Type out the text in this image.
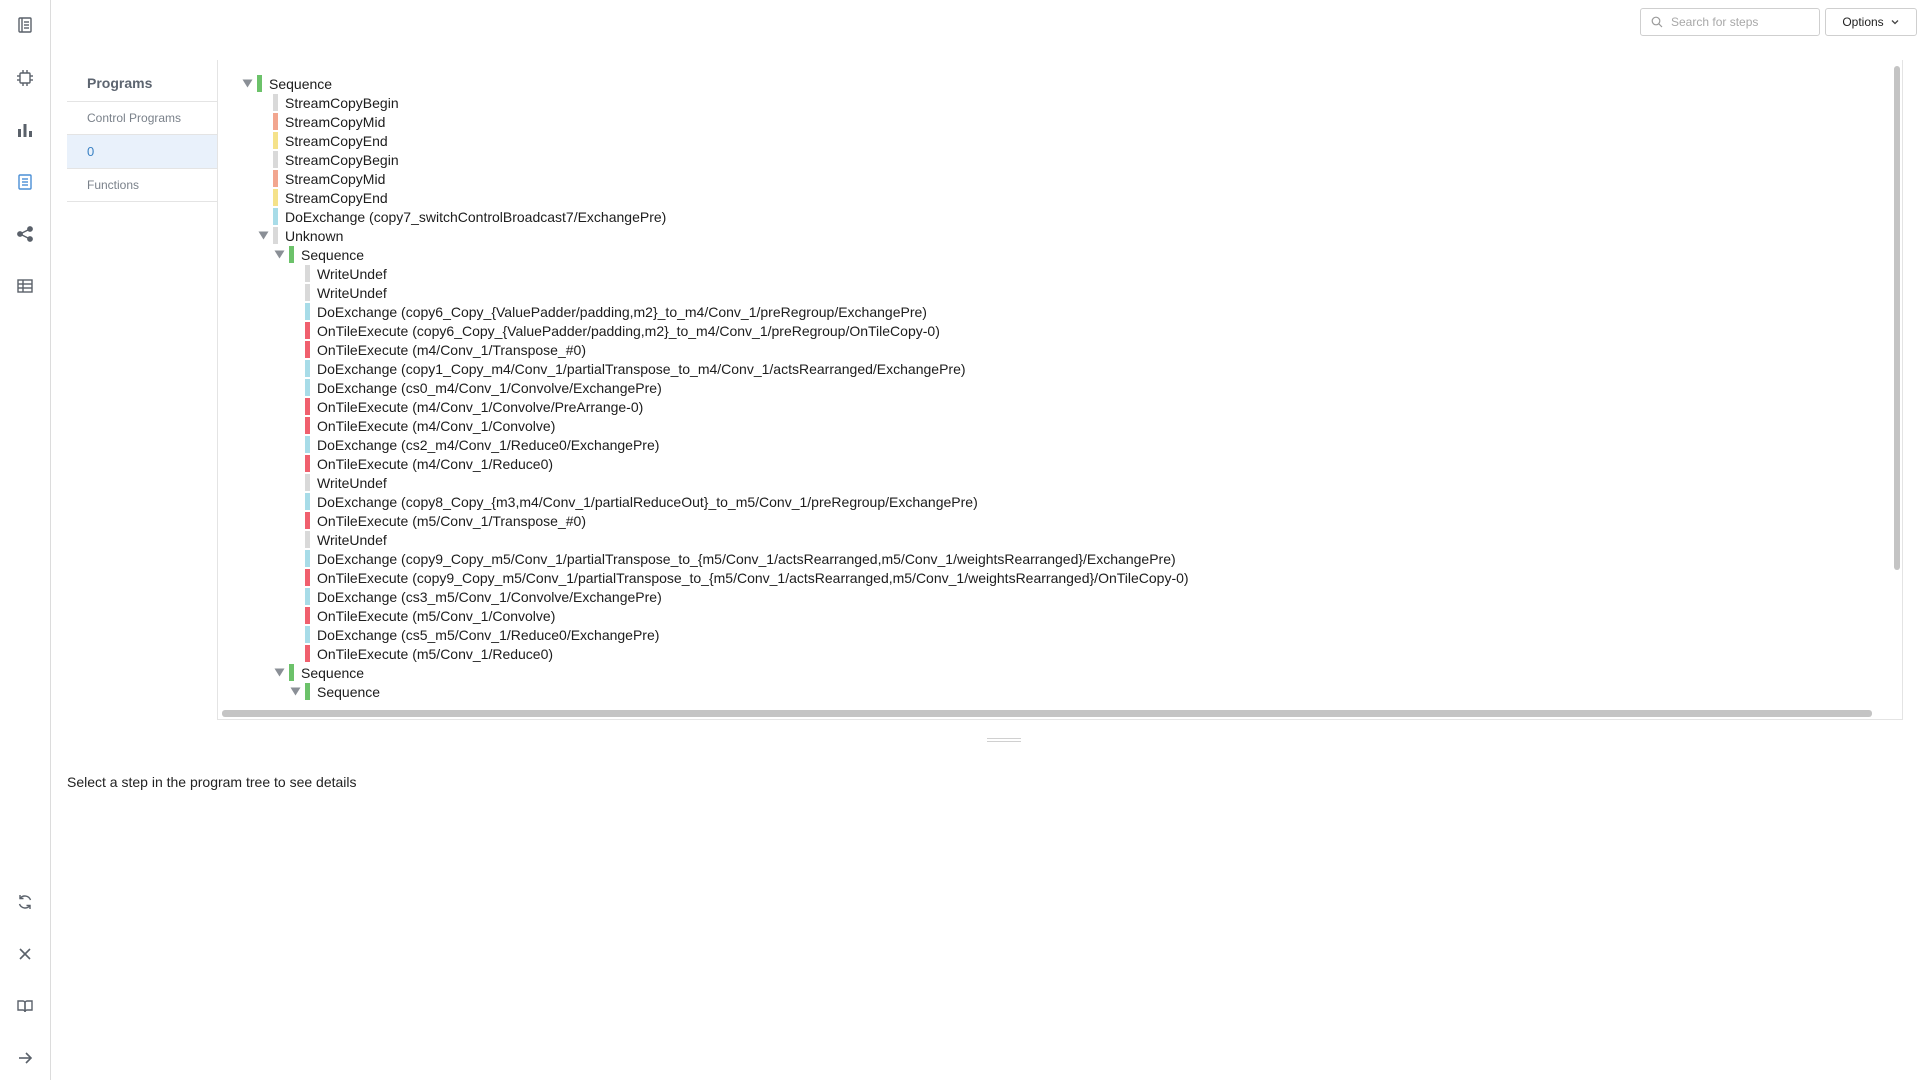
Search for steps
Options
Programs
Control Programs
0
Functions
Sequence
StreamCopyBegin
StreamCopyMid
StreamCopyEnd
StreamCopyBegin
StreamCopyMid
StreamCopyEnd
DoExchange (copy7_switchControlBroadcast7/ExchangePre)
Unknown
Sequence
WriteUndef
WriteUndef
DoExchange (copy6_Copy_{ValuePadder/padding,m2}_to_m4/Conv_1/preRegroup/ExchangePre)
OnTileExecute (copy6_Copy_{ValuePadder/padding,m2}_to_m4/Conv_1/preRegroup/OnTileCopy-0)
OnTileExecute (m4/Conv_1/Transpose_#0)
DoExchange (copy1_Copy_m4/Conv_1/partialTranspose_to_m4/Conv_1/actsRearranged/ExchangePre)
DoExchange (cs0_m4/Conv_1/Convolve/ExchangePre)
OnTileExecute (m4/Conv_1/Convolve/PreArrange-0)
OnTileExecute (m4/Conv_1/Convolve)
DoExchange (cs2_m4/Conv_1/Reduce0/ExchangePre)
OnTileExecute (m4/Conv_1/Reduce0)
WriteUndef
DoExchange (copy8_Copy_{m3,m4/Conv_1/partialReduceOut}_to_m5/Conv_1/preRegroup/ExchangePre)
OnTileExecute (m5/Conv_1/Transpose_#0)
WriteUndef
DoExchange (copy9_Copy_m5/Conv_1/partialTranspose_to_{m5/Conv_1/actsRearranged,m5/Conv_1/weightsRearranged}/ExchangePre)
OnTileExecute (copy9_Copy_m5/Conv_1/partialTranspose_to_{m5/Conv_1/actsRearranged,m5/Conv_1/weightsRearranged}/OnTileCopy-0)
DoExchange (cs3_m5/Conv_1/Convolve/ExchangePre)
OnTileExecute (m5/Conv_1/Convolve)
DoExchange (cs5_m5/Conv_1/Reduce0/ExchangePre)
OnTileExecute (m5/Conv_1/Reduce0)
Sequence
Sequence
Select a step in the program tree to see details
